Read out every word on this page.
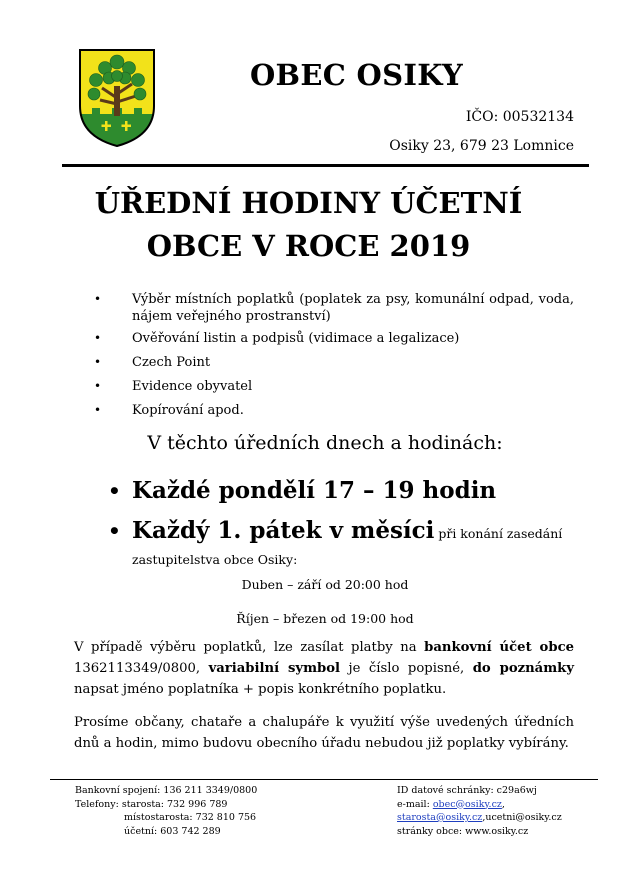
OBEC OSIKY
IČO: 00532134
Osiky 23, 679 23 Lomnice
ÚŘEDNÍ HODINY ÚČETNÍ
OBCE V ROCE 2019
•	Výběr místních poplatků (poplatek za psy, komunální odpad, voda, nájem veřejného prostranství)
•	Ověřování listin a podpisů (vidimace a legalizace)
•	Czech Point
•	Evidence obyvatel
•	Kopírování apod.
V těchto úředních dnech a hodinách:
• Každé pondělí 17 – 19 hodin
• Každý 1. pátek v měsíci při konání zasedání
zastupitelstva obce Osiky:
Duben – září od 20:00 hod
Říjen – březen od 19:00 hod
V případě výběru poplatků, lze zasílat platby na bankovní účet obce 1362113349/0800, variabilní symbol je číslo popisné, do poznámky napsat jméno poplatníka + popis konkrétního poplatku.
Prosíme občany, chataře a chalupáře k využití výše uvedených úředních dnů a hodin, mimo budovu obecního úřadu nebudou již poplatky vybírány.
Bankovní spojení: 136 211 3349/0800
Telefony: starosta: 732 996 789
místostarosta: 732 810 756
účetní: 603 742 289
ID datové schránky: c29a6wj
e-mail: obec@osiky.cz,
starosta@osiky.cz,ucetni@osiky.cz
stránky obce: www.osiky.cz
